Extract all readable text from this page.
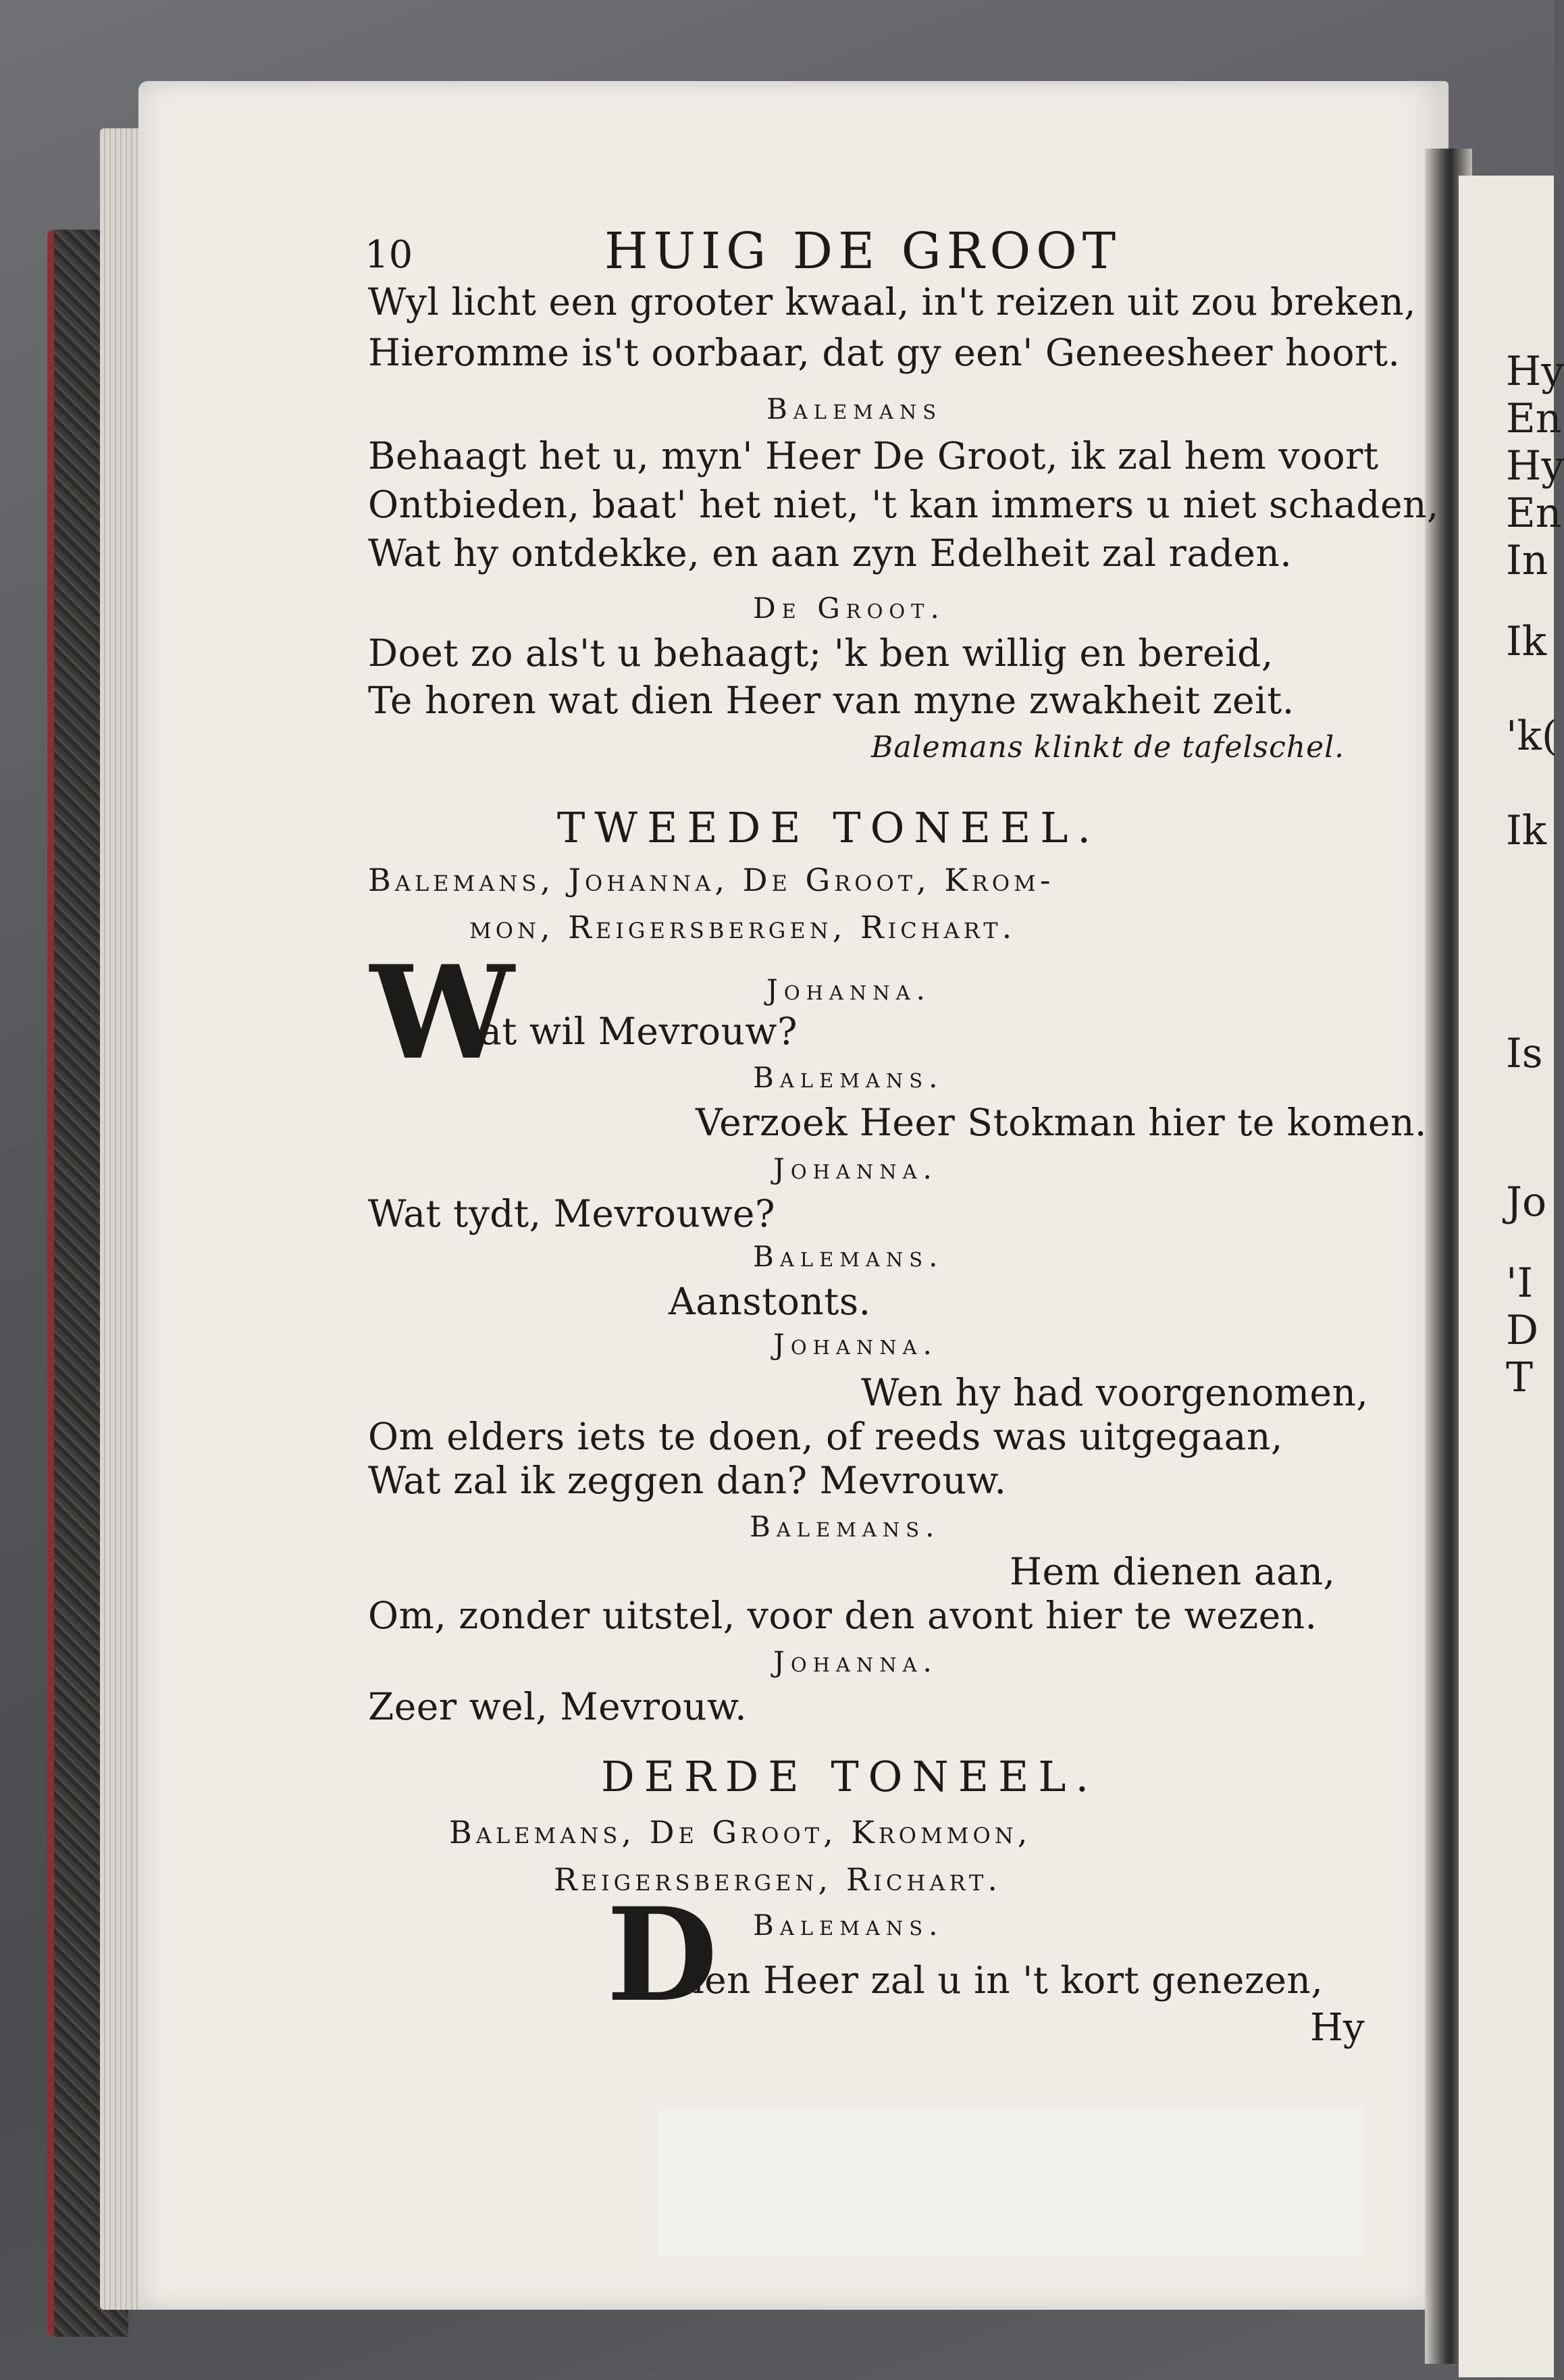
Hy
En
Hy
En
In
Ik
'k(
Ik
Is
Jo
'I
D
T
10	HUIG DE GROOT
Wyl licht een grooter kwaal, in't reizen uit zou breken,
Hieromme is't oorbaar, dat gy een' Geneesheer hoort.
Balemans
Behaagt het u, myn' Heer De Groot, ik zal hem voort
Ontbieden, baat' het niet, 't kan immers u niet schaden,
Wat hy ontdekke, en aan zyn Edelheit zal raden.
De Groot.
Doet zo als't u behaagt; 'k ben willig en bereid,
Te horen wat dien Heer van myne zwakheit zeit.
Balemans klinkt de tafelschel.
TWEEDE TONEEL.
Balemans, Johanna, De Groot, Krom-
mon, Reigersbergen, Richart.
W	Johanna.
at wil Mevrouw?
Balemans.
Verzoek Heer Stokman hier te komen.
Johanna.
Wat tydt, Mevrouwe?
Balemans.
Aanstonts.
Johanna.
Wen hy had voorgenomen,
Om elders iets te doen, of reeds was uitgegaan,
Wat zal ik zeggen dan? Mevrouw.
Balemans.
Hem dienen aan,
Om, zonder uitstel, voor den avont hier te wezen.
Johanna.
Zeer wel, Mevrouw.
DERDE TONEEL.
Balemans, De Groot, Krommon,
Reigersbergen, Richart.
Balemans.
D
ien Heer zal u in 't kort genezen,
Hy
